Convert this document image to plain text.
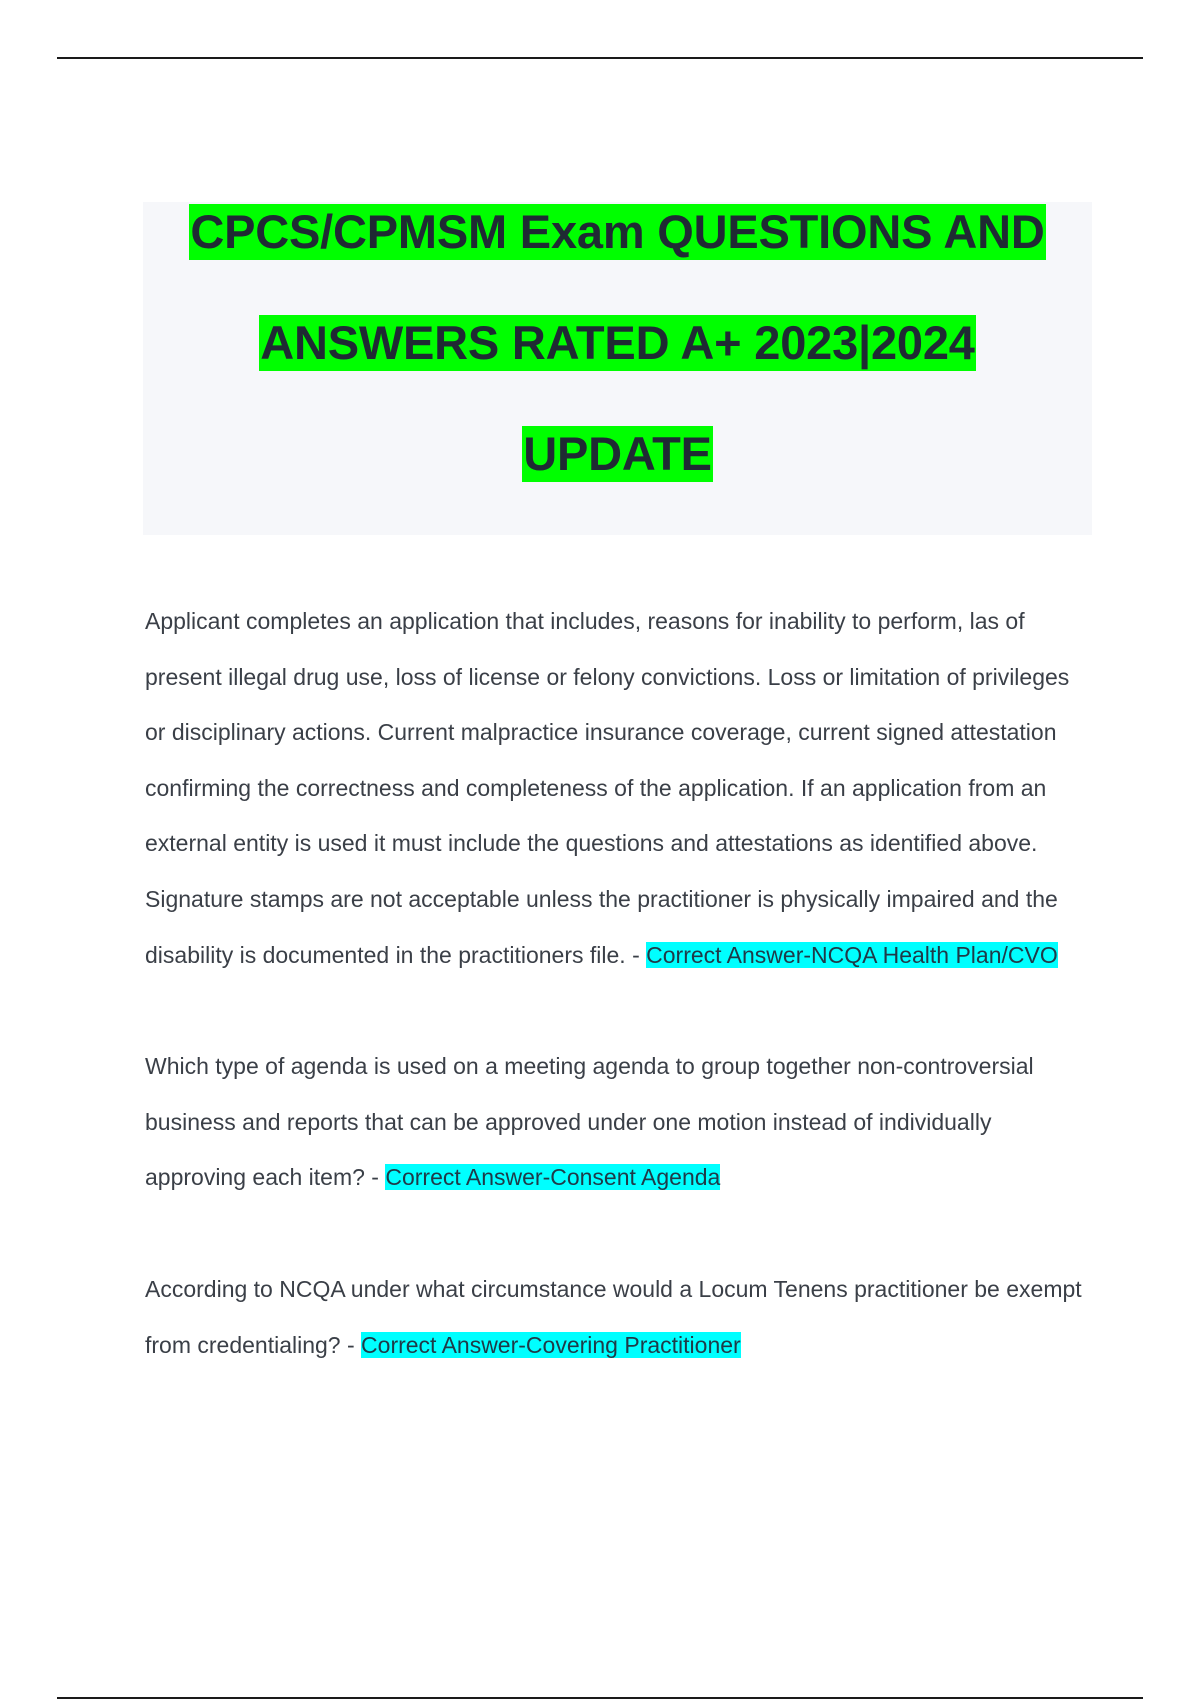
CPCS/CPMSM Exam QUESTIONS AND
ANSWERS RATED A+ 2023|2024
UPDATE

Applicant completes an application that includes, reasons for inability to perform, las of present illegal drug use, loss of license or felony convictions. Loss or limitation of privileges or disciplinary actions. Current malpractice insurance coverage, current signed attestation confirming the correctness and completeness of the application. If an application from an external entity is used it must include the questions and attestations as identified above. Signature stamps are not acceptable unless the practitioner is physically impaired and the disability is documented in the practitioners file. - Correct Answer-NCQA Health Plan/CVO

Which type of agenda is used on a meeting agenda to group together non-controversial business and reports that can be approved under one motion instead of individually approving each item? - Correct Answer-Consent Agenda

According to NCQA under what circumstance would a Locum Tenens practitioner be exempt from credentialing? - Correct Answer-Covering Practitioner
